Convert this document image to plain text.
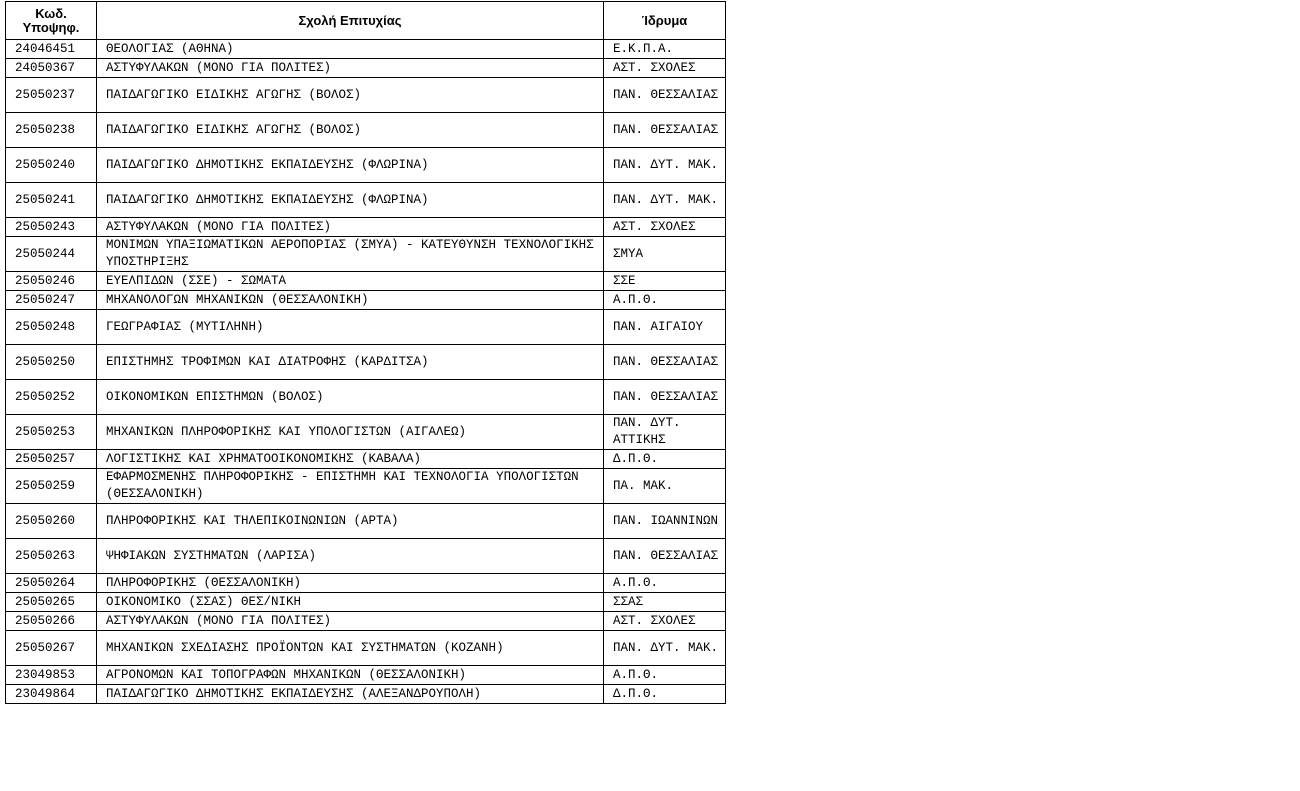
Κωδ. Υποψηφ.	Σχολή Επιτυχίας	Ίδρυμα
24046451	ΘΕΟΛΟΓΙΑΣ (ΑΘΗΝΑ)	Ε.Κ.Π.Α.
24050367	ΑΣΤΥΦΥΛΑΚΩΝ (ΜΟΝΟ ΓΙΑ ΠΟΛΙΤΕΣ)	ΑΣΤ. ΣΧΟΛΕΣ
25050237	ΠΑΙΔΑΓΩΓΙΚΟ ΕΙΔΙΚΗΣ ΑΓΩΓΗΣ (ΒΟΛΟΣ)	ΠΑΝ. ΘΕΣΣΑΛΙΑΣ
25050238	ΠΑΙΔΑΓΩΓΙΚΟ ΕΙΔΙΚΗΣ ΑΓΩΓΗΣ (ΒΟΛΟΣ)	ΠΑΝ. ΘΕΣΣΑΛΙΑΣ
25050240	ΠΑΙΔΑΓΩΓΙΚΟ ΔΗΜΟΤΙΚΗΣ ΕΚΠΑΙΔΕΥΣΗΣ (ΦΛΩΡΙΝΑ)	ΠΑΝ. ΔΥΤ. ΜΑΚ.
25050241	ΠΑΙΔΑΓΩΓΙΚΟ ΔΗΜΟΤΙΚΗΣ ΕΚΠΑΙΔΕΥΣΗΣ (ΦΛΩΡΙΝΑ)	ΠΑΝ. ΔΥΤ. ΜΑΚ.
25050243	ΑΣΤΥΦΥΛΑΚΩΝ (ΜΟΝΟ ΓΙΑ ΠΟΛΙΤΕΣ)	ΑΣΤ. ΣΧΟΛΕΣ
25050244	ΜΟΝΙΜΩΝ ΥΠΑΞΙΩΜΑΤΙΚΩΝ ΑΕΡΟΠΟΡΙΑΣ (ΣΜΥΑ) - ΚΑΤΕΥΘΥΝΣΗ ΤΕΧΝΟΛΟΓΙΚΗΣ ΥΠΟΣΤΗΡΙΞΗΣ	ΣΜΥΑ
25050246	ΕΥΕΛΠΙΔΩΝ (ΣΣΕ) - ΣΩΜΑΤΑ	ΣΣΕ
25050247	ΜΗΧΑΝΟΛΟΓΩΝ ΜΗΧΑΝΙΚΩΝ (ΘΕΣΣΑΛΟΝΙΚΗ)	Α.Π.Θ.
25050248	ΓΕΩΓΡΑΦΙΑΣ (ΜΥΤΙΛΗΝΗ)	ΠΑΝ. ΑΙΓΑΙΟΥ
25050250	ΕΠΙΣΤΗΜΗΣ ΤΡΟΦΙΜΩΝ ΚΑΙ ΔΙΑΤΡΟΦΗΣ (ΚΑΡΔΙΤΣΑ)	ΠΑΝ. ΘΕΣΣΑΛΙΑΣ
25050252	ΟΙΚΟΝΟΜΙΚΩΝ ΕΠΙΣΤΗΜΩΝ (ΒΟΛΟΣ)	ΠΑΝ. ΘΕΣΣΑΛΙΑΣ
25050253	ΜΗΧΑΝΙΚΩΝ ΠΛΗΡΟΦΟΡΙΚΗΣ ΚΑΙ ΥΠΟΛΟΓΙΣΤΩΝ (ΑΙΓΑΛΕΩ)	ΠΑΝ. ΔΥΤ. ΑΤΤΙΚΗΣ
25050257	ΛΟΓΙΣΤΙΚΗΣ ΚΑΙ ΧΡΗΜΑΤΟΟΙΚΟΝΟΜΙΚΗΣ (ΚΑΒΑΛΑ)	Δ.Π.Θ.
25050259	ΕΦΑΡΜΟΣΜΕΝΗΣ ΠΛΗΡΟΦΟΡΙΚΗΣ - ΕΠΙΣΤΗΜΗ ΚΑΙ ΤΕΧΝΟΛΟΓΙΑ ΥΠΟΛΟΓΙΣΤΩΝ (ΘΕΣΣΑΛΟΝΙΚΗ)	ΠΑ. ΜΑΚ.
25050260	ΠΛΗΡΟΦΟΡΙΚΗΣ ΚΑΙ ΤΗΛΕΠΙΚΟΙΝΩΝΙΩΝ (ΑΡΤΑ)	ΠΑΝ. ΙΩΑΝΝΙΝΩΝ
25050263	ΨΗΦΙΑΚΩΝ ΣΥΣΤΗΜΑΤΩΝ (ΛΑΡΙΣΑ)	ΠΑΝ. ΘΕΣΣΑΛΙΑΣ
25050264	ΠΛΗΡΟΦΟΡΙΚΗΣ (ΘΕΣΣΑΛΟΝΙΚΗ)	Α.Π.Θ.
25050265	ΟΙΚΟΝΟΜΙΚΟ (ΣΣΑΣ) ΘΕΣ/ΝΙΚΗ	ΣΣΑΣ
25050266	ΑΣΤΥΦΥΛΑΚΩΝ (ΜΟΝΟ ΓΙΑ ΠΟΛΙΤΕΣ)	ΑΣΤ. ΣΧΟΛΕΣ
25050267	ΜΗΧΑΝΙΚΩΝ ΣΧΕΔΙΑΣΗΣ ΠΡΟΪΟΝΤΩΝ ΚΑΙ ΣΥΣΤΗΜΑΤΩΝ (ΚΟΖΑΝΗ)	ΠΑΝ. ΔΥΤ. ΜΑΚ.
23049853	ΑΓΡΟΝΟΜΩΝ ΚΑΙ ΤΟΠΟΓΡΑΦΩΝ ΜΗΧΑΝΙΚΩΝ (ΘΕΣΣΑΛΟΝΙΚΗ)	Α.Π.Θ.
23049864	ΠΑΙΔΑΓΩΓΙΚΟ ΔΗΜΟΤΙΚΗΣ ΕΚΠΑΙΔΕΥΣΗΣ (ΑΛΕΞΑΝΔΡΟΥΠΟΛΗ)	Δ.Π.Θ.
